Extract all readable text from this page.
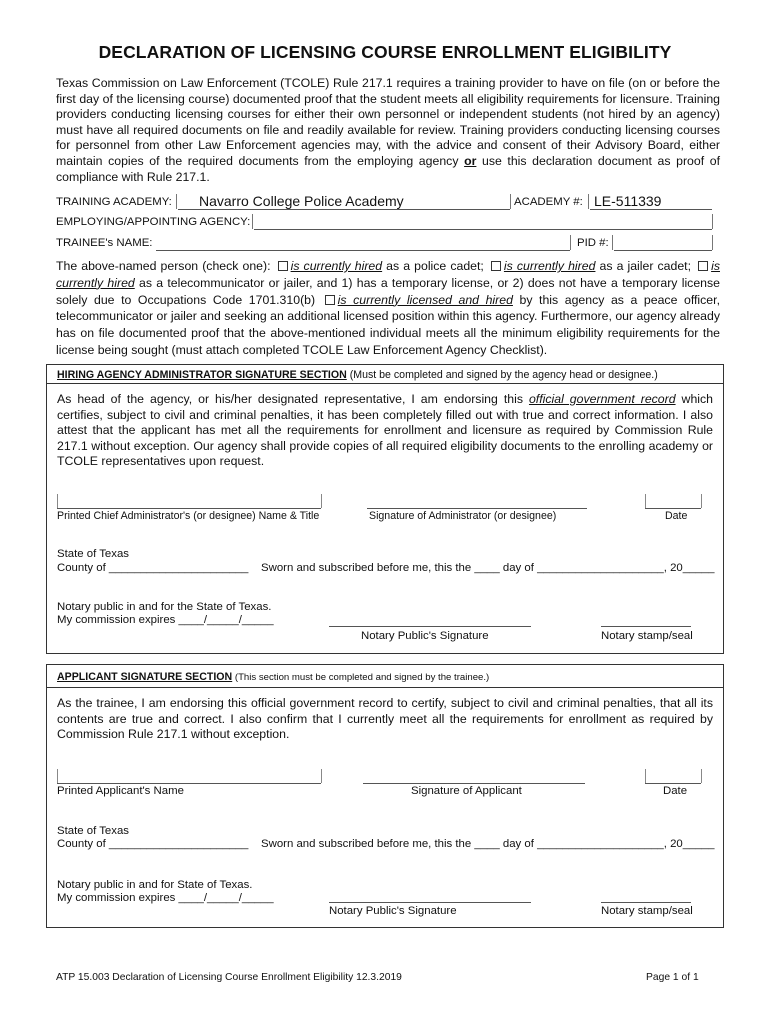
DECLARATION OF LICENSING COURSE ENROLLMENT ELIGIBILITY
Texas Commission on Law Enforcement (TCOLE) Rule 217.1 requires a training provider to have on file (on or before the first day of the licensing course) documented proof that the student meets all eligibility requirements for licensure. Training providers conducting licensing courses for either their own personnel or independent students (not hired by an agency) must have all required documents on file and readily available for review. Training providers conducting licensing courses for personnel from other Law Enforcement agencies may, with the advice and consent of their Advisory Board, either maintain copies of the required documents from the employing agency or use this declaration document as proof of compliance with Rule 217.1.
TRAINING ACADEMY: Navarro College Police Academy	ACADEMY #: LE-511339
EMPLOYING/APPOINTING AGENCY:
TRAINEE's NAME:	PID #:
The above-named person (check one): is currently hired as a police cadet; is currently hired as a jailer cadet; is currently hired as a telecommunicator or jailer, and 1) has a temporary license, or 2) does not have a temporary license solely due to Occupations Code 1701.310(b) is currently licensed and hired by this agency as a peace officer, telecommunicator or jailer and seeking an additional licensed position within this agency. Furthermore, our agency already has on file documented proof that the above-mentioned individual meets all the minimum eligibility requirements for the license being sought (must attach completed TCOLE Law Enforcement Agency Checklist).
HIRING AGENCY ADMINISTRATOR SIGNATURE SECTION (Must be completed and signed by the agency head or designee.)
As head of the agency, or his/her designated representative, I am endorsing this official government record which certifies, subject to civil and criminal penalties, it has been completely filled out with true and correct information. I also attest that the applicant has met all the requirements for enrollment and licensure as required by Commission Rule 217.1 without exception. Our agency shall provide copies of all required eligibility documents to the enrolling academy or TCOLE representatives upon request.
Printed Chief Administrator's (or designee) Name & Title	Signature of Administrator (or designee)	Date
State of Texas
County of ______________________ Sworn and subscribed before me, this the ____ day of ____________________, 20_____
Notary public in and for the State of Texas.
My commission expires ____/_____/_____
Notary Public's Signature	Notary stamp/seal
APPLICANT SIGNATURE SECTION (This section must be completed and signed by the trainee.)
As the trainee, I am endorsing this official government record to certify, subject to civil and criminal penalties, that all its contents are true and correct. I also confirm that I currently meet all the requirements for enrollment as required by Commission Rule 217.1 without exception.
Printed Applicant's Name	Signature of Applicant	Date
State of Texas
County of ______________________ Sworn and subscribed before me, this the ____ day of ____________________, 20_____
Notary public in and for State of Texas.
My commission expires ____/_____/_____
Notary Public's Signature	Notary stamp/seal
ATP 15.003 Declaration of Licensing Course Enrollment Eligibility 12.3.2019	Page 1 of 1
